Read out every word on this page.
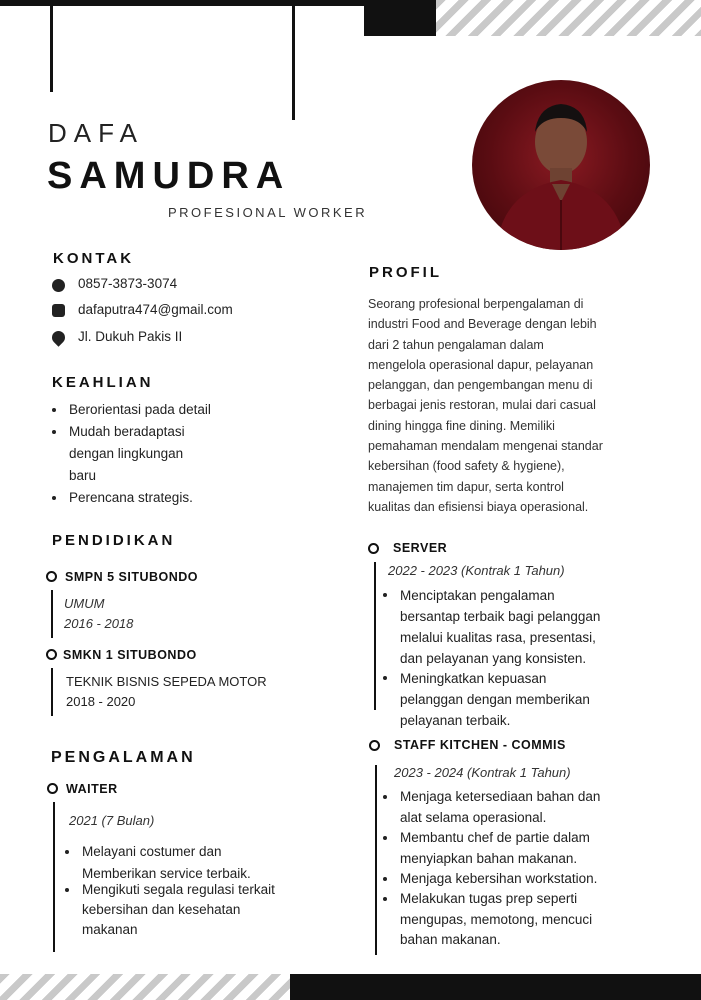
DAFA
SAMUDRA
PROFESIONAL WORKER
KONTAK
0857-3873-3074
dafaputra474@gmail.com
Jl. Dukuh Pakis II
KEAHLIAN
Berorientasi pada detail
Mudah beradaptasi
dengan lingkungan
baru
Perencana strategis.
PENDIDIKAN
SMPN 5 SITUBONDO
UMUM
2016 - 2018
SMKN 1 SITUBONDO
TEKNIK BISNIS SEPEDA MOTOR
2018 - 2020
PENGALAMAN
WAITER
2021 (7 Bulan)
Melayani costumer dan
Memberikan service terbaik.
Mengikuti segala regulasi terkait
kebersihan dan kesehatan
makanan
PROFIL
Seorang profesional berpengalaman di
industri Food and Beverage dengan lebih
dari 2 tahun pengalaman dalam
mengelola operasional dapur, pelayanan
pelanggan, dan pengembangan menu di
berbagai jenis restoran, mulai dari casual
dining hingga fine dining. Memiliki
pemahaman mendalam mengenai standar
kebersihan (food safety & hygiene),
manajemen tim dapur, serta kontrol
kualitas dan efisiensi biaya operasional.
SERVER
2022 - 2023 (Kontrak 1 Tahun)
Menciptakan pengalaman
bersantap terbaik bagi pelanggan
melalui kualitas rasa, presentasi,
dan pelayanan yang konsisten.
Meningkatkan kepuasan
pelanggan dengan memberikan
pelayanan terbaik.
STAFF KITCHEN - COMMIS
2023 - 2024 (Kontrak 1 Tahun)
Menjaga ketersediaan bahan dan
alat selama operasional.
Membantu chef de partie dalam
menyiapkan bahan makanan.
Menjaga kebersihan workstation.
Melakukan tugas prep seperti
mengupas, memotong, mencuci
bahan makanan.
